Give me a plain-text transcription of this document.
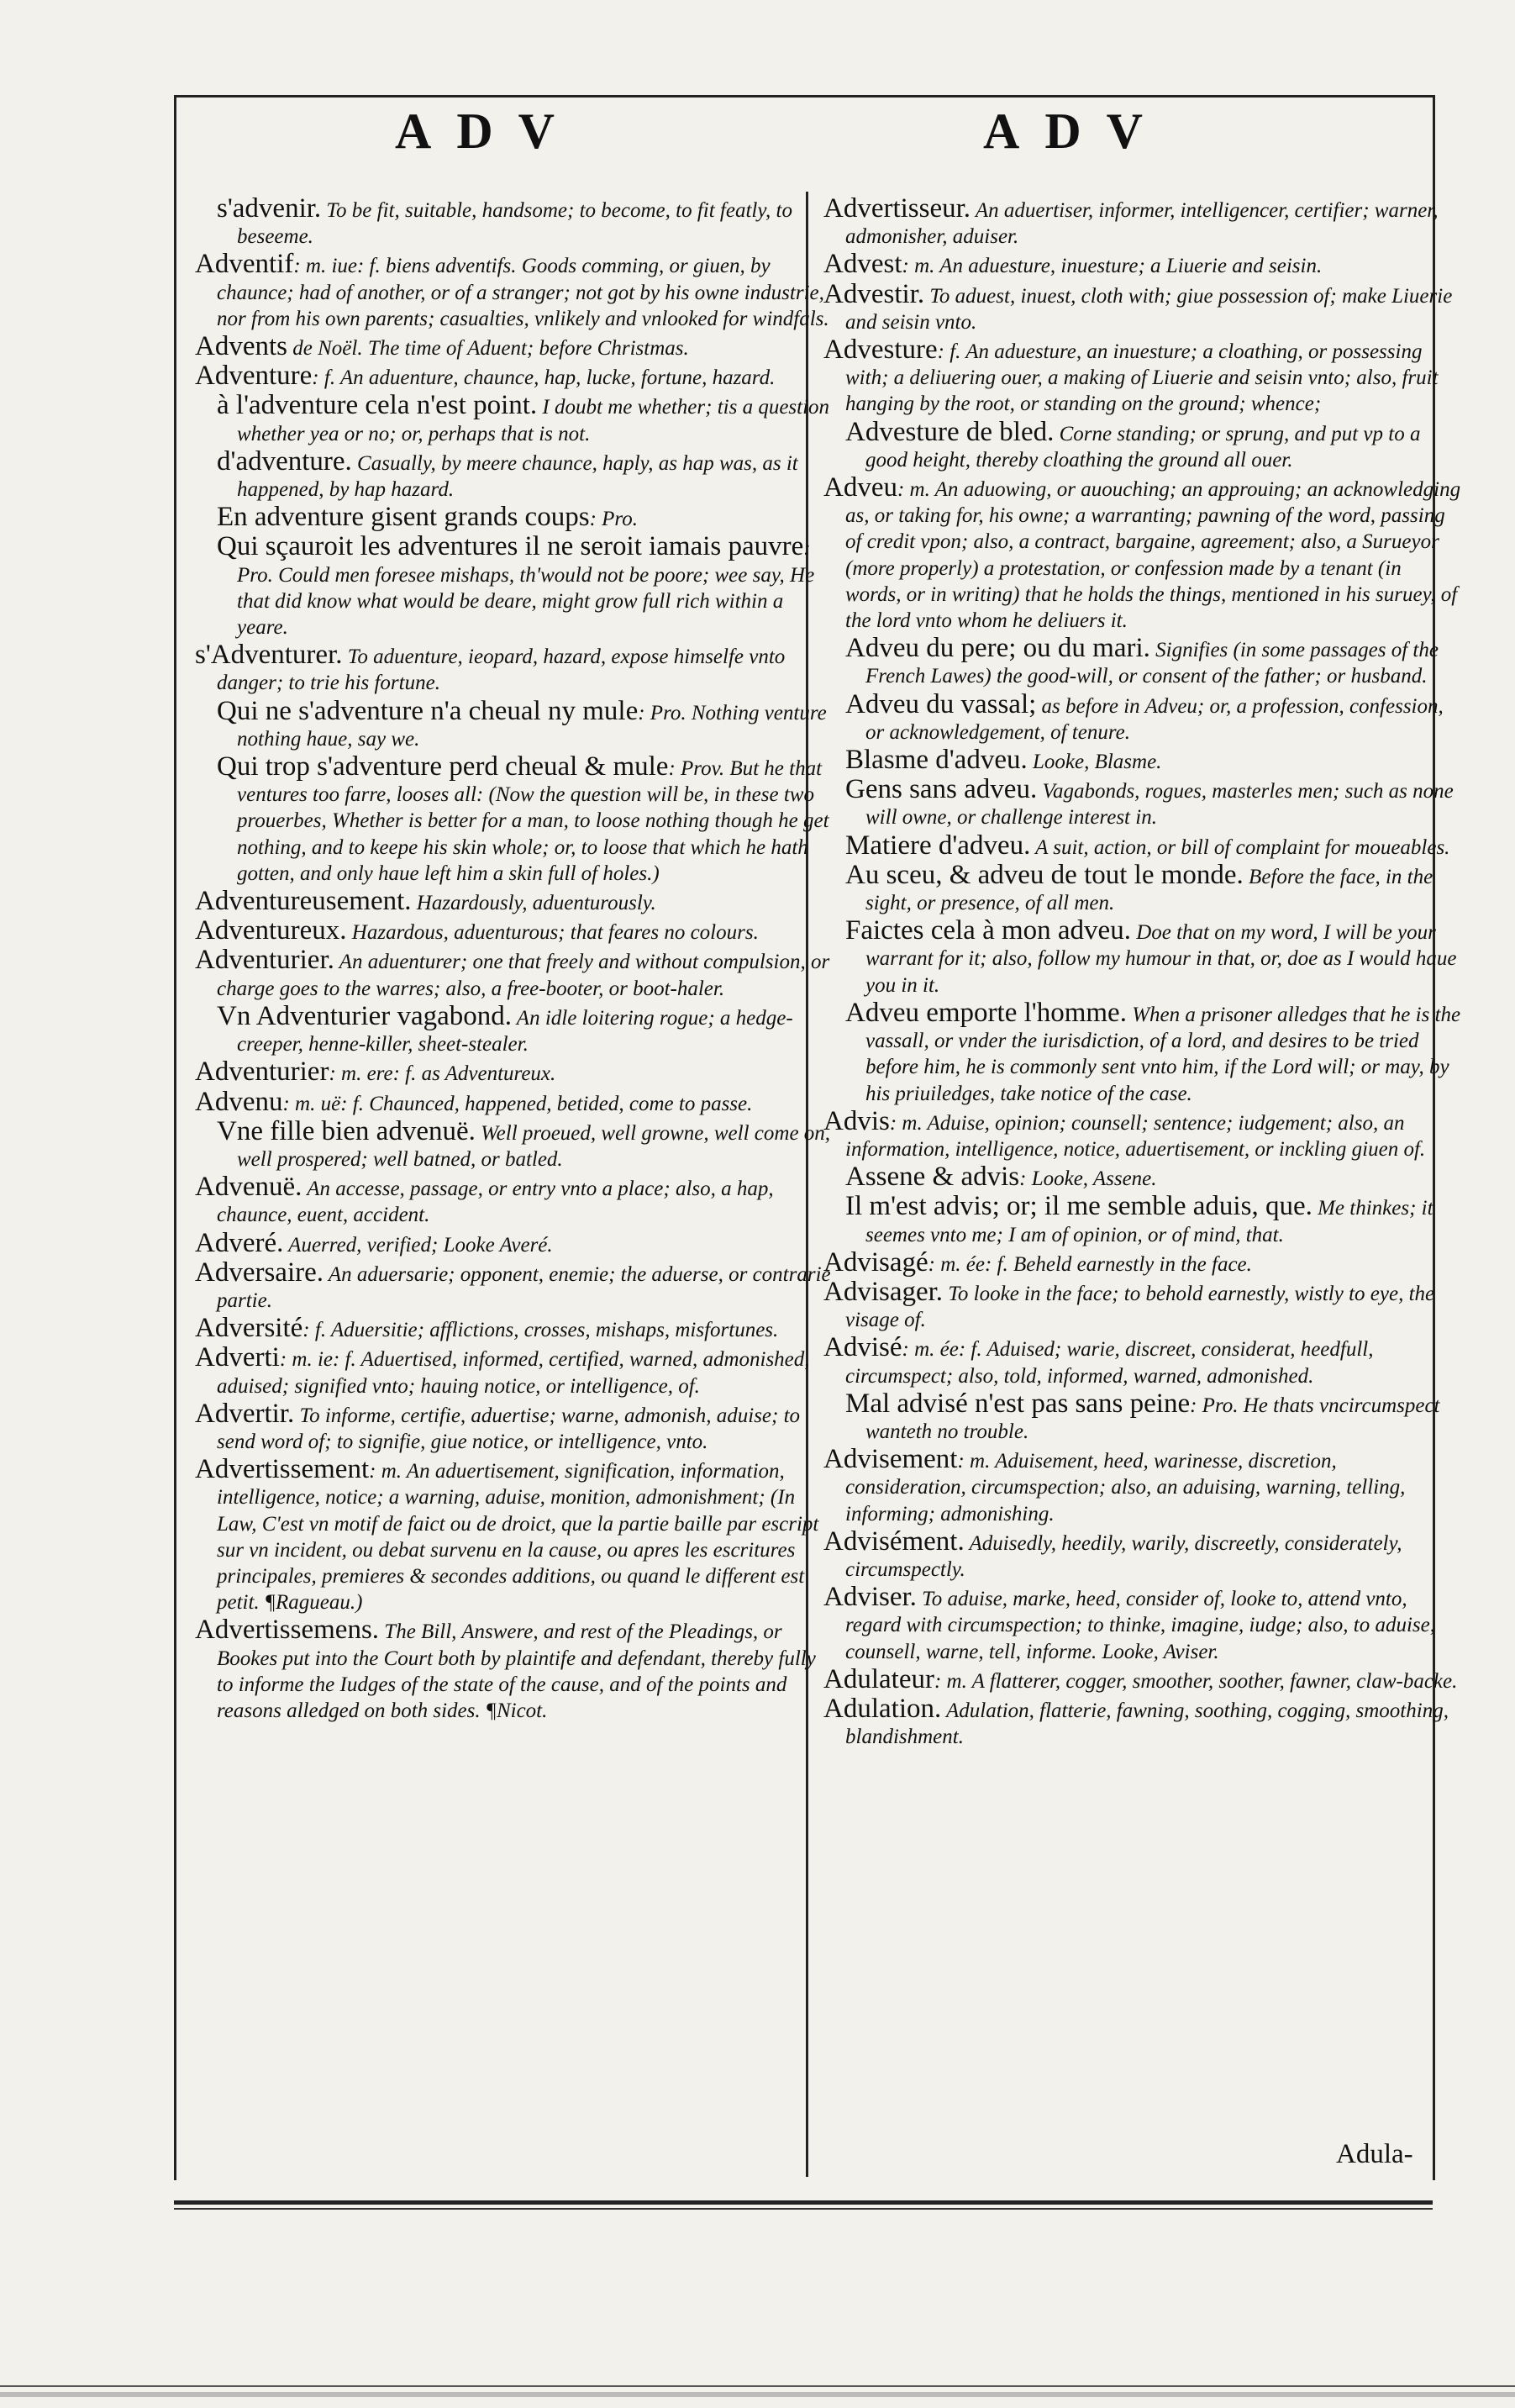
ADV	ADV

s'advenir. To be fit, suitable, handsome; to become, to fit featly, to beseeme.

Adventif: m. iue: f. biens adventifs. Goods comming, or giuen, by chaunce; had of another, or of a stranger; not got by his owne industrie, nor from his own parents; casualties, vnlikely and vnlooked for windfals.

Advents de Noël. The time of Aduent; before Christmas.

Adventure: f. An aduenture, chaunce, hap, lucke, fortune, hazard.

à l'adventure cela n'est point. I doubt me whether; tis a question whether yea or no; or, perhaps that is not.

d'adventure. Casually, by meere chaunce, haply, as hap was, as it happened, by hap hazard.

En adventure gisent grands coups: Pro.

Qui sçauroit les adventures il ne seroit iamais pauvre: Pro. Could men foresee mishaps, th'would not be poore; wee say, He that did know what would be deare, might grow full rich within a yeare.

s'Adventurer. To aduenture, ieopard, hazard, expose himselfe vnto danger; to trie his fortune.

Qui ne s'adventure n'a cheual ny mule: Pro. Nothing venture nothing haue, say we.

Qui trop s'adventure perd cheual & mule: Prov. But he that ventures too farre, looses all: (Now the question will be, in these two prouerbes, Whether is better for a man, to loose nothing though he get nothing, and to keepe his skin whole; or, to loose that which he hath gotten, and only haue left him a skin full of holes.)

Adventureusement. Hazardously, aduenturously.

Adventureux. Hazardous, aduenturous; that feares no colours.

Adventurier. An aduenturer; one that freely and without compulsion, or charge goes to the warres; also, a free-booter, or boot-haler.

Vn Adventurier vagabond. An idle loitering rogue; a hedge-creeper, henne-killer, sheet-stealer.

Adventurier: m. ere: f. as Adventureux.

Advenu: m. uë: f. Chaunced, happened, betided, come to passe.

Vne fille bien advenuë. Well proeued, well growne, well come on, well prospered; well batned, or batled.

Advenuë. An accesse, passage, or entry vnto a place; also, a hap, chaunce, euent, accident.

Adveré. Auerred, verified; Looke Averé.

Adversaire. An aduersarie; opponent, enemie; the aduerse, or contrarie partie.

Adversité: f. Aduersitie; afflictions, crosses, mishaps, misfortunes.

Adverti: m. ie: f. Aduertised, informed, certified, warned, admonished, aduised; signified vnto; hauing notice, or intelligence, of.

Advertir. To informe, certifie, aduertise; warne, admonish, aduise; to send word of; to signifie, giue notice, or intelligence, vnto.

Advertissement: m. An aduertisement, signification, information, intelligence, notice; a warning, aduise, monition, admonishment; (In Law, C'est vn motif de faict ou de droict, que la partie baille par escript sur vn incident, ou debat survenu en la cause, ou apres les escritures principales, premieres & secondes additions, ou quand le different est petit. ¶Ragueau.)

Advertissemens. The Bill, Answere, and rest of the Pleadings, or Bookes put into the Court both by plaintife and defendant, thereby fully to informe the Iudges of the state of the cause, and of the points and reasons alledged on both sides. ¶Nicot.

Advertisseur. An aduertiser, informer, intelligencer, certifier; warner, admonisher, aduiser.

Advest: m. An aduesture, inuesture; a Liuerie and seisin.

Advestir. To aduest, inuest, cloth with; giue possession of; make Liuerie and seisin vnto.

Advesture: f. An aduesture, an inuesture; a cloathing, or possessing with; a deliuering ouer, a making of Liuerie and seisin vnto; also, fruit hanging by the root, or standing on the ground; whence;

Advesture de bled. Corne standing; or sprung, and put vp to a good height, thereby cloathing the ground all ouer.

Adveu: m. An aduowing, or auouching; an approuing; an acknowledging as, or taking for, his owne; a warranting; pawning of the word, passing of credit vpon; also, a contract, bargaine, agreement; also, a Surueyor (more properly) a protestation, or confession made by a tenant (in words, or in writing) that he holds the things, mentioned in his suruey, of the lord vnto whom he deliuers it.

Adveu du pere; ou du mari. Signifies (in some passages of the French Lawes) the good-will, or consent of the father; or husband.

Adveu du vassal; as before in Adveu; or, a profession, confession, or acknowledgement, of tenure.

Blasme d'adveu. Looke, Blasme.

Gens sans adveu. Vagabonds, rogues, masterles men; such as none will owne, or challenge interest in.

Matiere d'adveu. A suit, action, or bill of complaint for moueables.

Au sceu, & adveu de tout le monde. Before the face, in the sight, or presence, of all men.

Faictes cela à mon adveu. Doe that on my word, I will be your warrant for it; also, follow my humour in that, or, doe as I would haue you in it.

Adveu emporte l'homme. When a prisoner alledges that he is the vassall, or vnder the iurisdiction, of a lord, and desires to be tried before him, he is commonly sent vnto him, if the Lord will; or may, by his priuiledges, take notice of the case.

Advis: m. Aduise, opinion; counsell; sentence; iudgement; also, an information, intelligence, notice, aduertisement, or inckling giuen of.

Assene & advis: Looke, Assene.

Il m'est advis; or; il me semble aduis, que. Me thinkes; it seemes vnto me; I am of opinion, or of mind, that.

Advisagé: m. ée: f. Beheld earnestly in the face.

Advisager. To looke in the face; to behold earnestly, wistly to eye, the visage of.

Advisé: m. ée: f. Aduised; warie, discreet, considerat, heedfull, circumspect; also, told, informed, warned, admonished.

Mal advisé n'est pas sans peine: Pro. He thats vncircumspect wanteth no trouble.

Advisement: m. Aduisement, heed, warinesse, discretion, consideration, circumspection; also, an aduising, warning, telling, informing; admonishing.

Advisément. Aduisedly, heedily, warily, discreetly, considerately, circumspectly.

Adviser. To aduise, marke, heed, consider of, looke to, attend vnto, regard with circumspection; to thinke, imagine, iudge; also, to aduise, counsell, warne, tell, informe. Looke, Aviser.

Adulateur: m. A flatterer, cogger, smoother, soother, fawner, claw-backe.

Adulation. Adulation, flatterie, fawning, soothing, cogging, smoothing, blandishment.

Adula-
